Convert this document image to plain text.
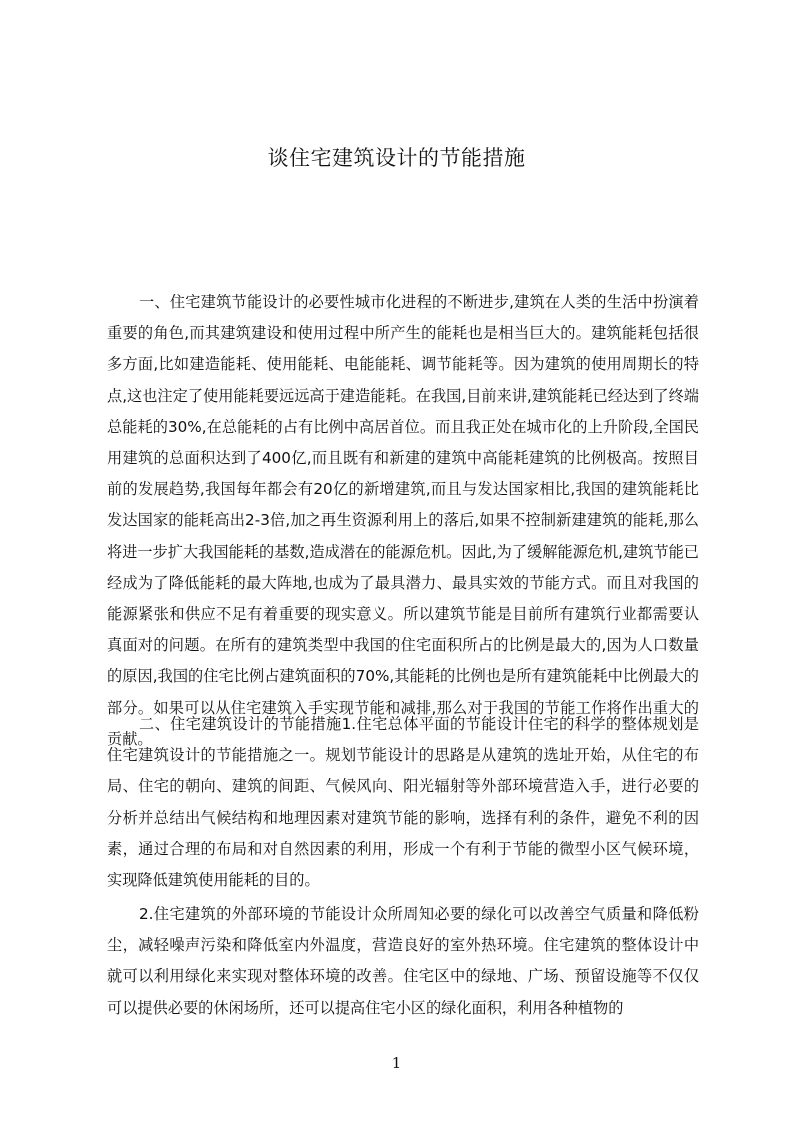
谈住宅建筑设计的节能措施

一、住宅建筑节能设计的必要性城市化进程的不断进步,建筑在人类的生活中扮演着重要的角色,而其建筑建设和使用过程中所产生的能耗也是相当巨大的。建筑能耗包括很多方面,比如建造能耗、使用能耗、电能能耗、调节能耗等。因为建筑的使用周期长的特点,这也注定了使用能耗要远远高于建造能耗。在我国,目前来讲,建筑能耗已经达到了终端总能耗的30%,在总能耗的占有比例中高居首位。而且我正处在城市化的上升阶段,全国民用建筑的总面积达到了400亿,而且既有和新建的建筑中高能耗建筑的比例极高。按照目前的发展趋势,我国每年都会有20亿的新增建筑,而且与发达国家相比,我国的建筑能耗比发达国家的能耗高出2-3倍,加之再生资源利用上的落后,如果不控制新建建筑的能耗,那么将进一步扩大我国能耗的基数,造成潜在的能源危机。因此,为了缓解能源危机,建筑节能已经成为了降低能耗的最大阵地,也成为了最具潜力、最具实效的节能方式。而且对我国的能源紧张和供应不足有着重要的现实意义。所以建筑节能是目前所有建筑行业都需要认真面对的问题。在所有的建筑类型中我国的住宅面积所占的比例是最大的,因为人口数量的原因,我国的住宅比例占建筑面积的70%,其能耗的比例也是所有建筑能耗中比例最大的部分。如果可以从住宅建筑入手实现节能和减排,那么对于我国的节能工作将作出重大的贡献。

二、住宅建筑设计的节能措施1.住宅总体平面的节能设计住宅的科学的整体规划是住宅建筑设计的节能措施之一。规划节能设计的思路是从建筑的选址开始，从住宅的布局、住宅的朝向、建筑的间距、气候风向、阳光辐射等外部环境营造入手，进行必要的分析并总结出气候结构和地理因素对建筑节能的影响，选择有利的条件，避免不利的因素，通过合理的布局和对自然因素的利用，形成一个有利于节能的微型小区气候环境，实现降低建筑使用能耗的目的。

2.住宅建筑的外部环境的节能设计众所周知必要的绿化可以改善空气质量和降低粉尘，减轻噪声污染和降低室内外温度，营造良好的室外热环境。住宅建筑的整体设计中就可以利用绿化来实现对整体环境的改善。住宅区中的绿地、广场、预留设施等不仅仅可以提供必要的休闲场所，还可以提高住宅小区的绿化面积，利用各种植物的

1
